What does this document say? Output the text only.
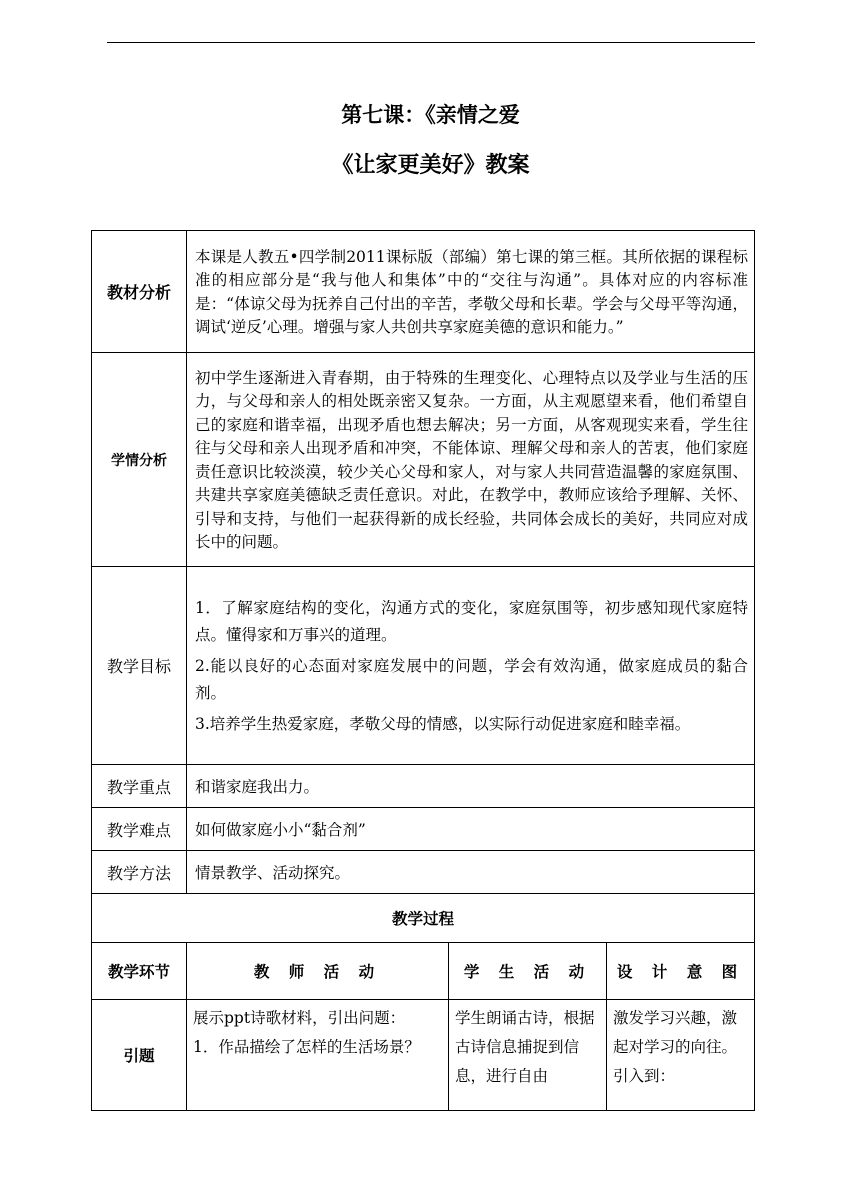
第七课：《亲情之爱
《让家更美好》教案
教材分析	本课是人教五•四学制2011课标版（部编）第七课的第三框。其所依据的课程标准的相应部分是“我与他人和集体”中的“交往与沟通”。具体对应的内容标准是：“体谅父母为抚养自己付出的辛苦，孝敬父母和长辈。学会与父母平等沟通，调试‘逆反’心理。增强与家人共创共享家庭美德的意识和能力。”		
学情分析	初中学生逐渐进入青春期，由于特殊的生理变化、心理特点以及学业与生活的压力，与父母和亲人的相处既亲密又复杂。一方面，从主观愿望来看，他们希望自己的家庭和谐幸福，出现矛盾也想去解决；另一方面，从客观现实来看，学生往往与父母和亲人出现矛盾和冲突，不能体谅、理解父母和亲人的苦衷，他们家庭责任意识比较淡漠，较少关心父母和家人，对与家人共同营造温馨的家庭氛围、共建共享家庭美德缺乏责任意识。对此，在教学中，教师应该给予理解、关怀、引导和支持，与他们一起获得新的成长经验，共同体会成长的美好，共同应对成长中的问题。		
教学目标	1．了解家庭结构的变化，沟通方式的变化，家庭氛围等，初步感知现代家庭特点。懂得家和万事兴的道理。

2.能以良好的心态面对家庭发展中的问题，学会有效沟通，做家庭成员的黏合剂。

3.培养学生热爱家庭，孝敬父母的情感，以实际行动促进家庭和睦幸福。		

教学重点	和谐家庭我出力。		
教学难点	如何做家庭小小“黏合剂”		
教学方法	情景教学、活动探究。		
教学过程			
教学环节	教 师 活 动	学 生 活 动	设 计 意 图
引题	展示ppt诗歌材料，引出问题：

1．作品描绘了怎样的生活场景？	学生朗诵古诗，根据古诗信息捕捉到信息，进行自由	激发学习兴趣，激起对学习的向往。引入到：
